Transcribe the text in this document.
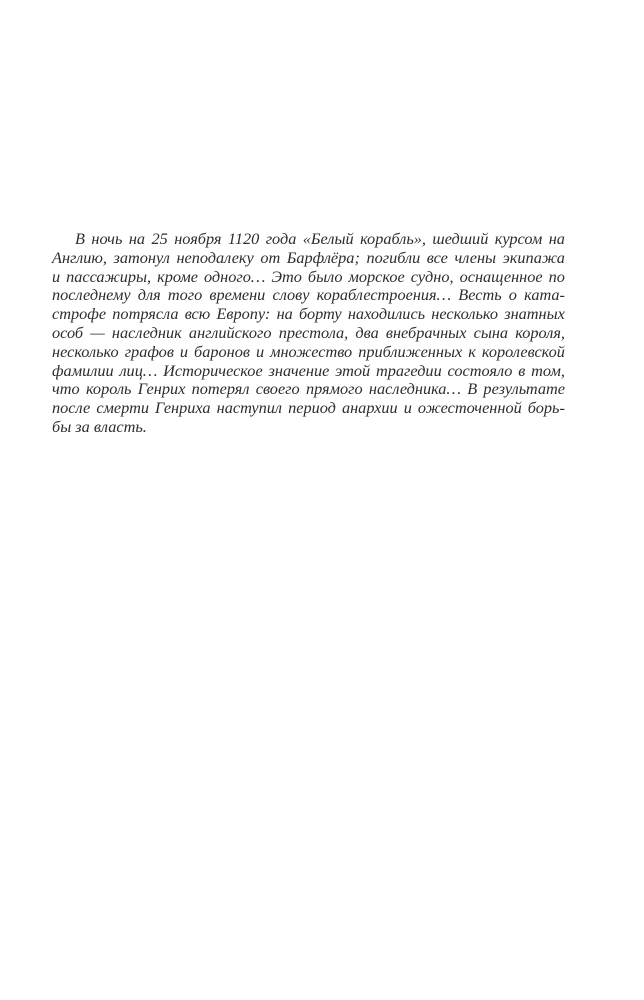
В ночь на 25 ноября 1120 года «Белый корабль», шедший курсом на
Англию, затонул неподалеку от Барфлёра; погибли все члены экипажа
и пассажиры, кроме одного… Это было морское судно, оснащенное по
последнему для того времени слову кораблестроения… Весть о ката-
строфе потрясла всю Европу: на борту находились несколько знатных
особ — наследник английского престола, два внебрачных сына короля,
несколько графов и баронов и множество приближенных к королевской
фамилии лиц… Историческое значение этой трагедии состояло в том,
что король Генрих потерял своего прямого наследника… В результате
после смерти Генриха наступил период анархии и ожесточенной борь-
бы за власть.
